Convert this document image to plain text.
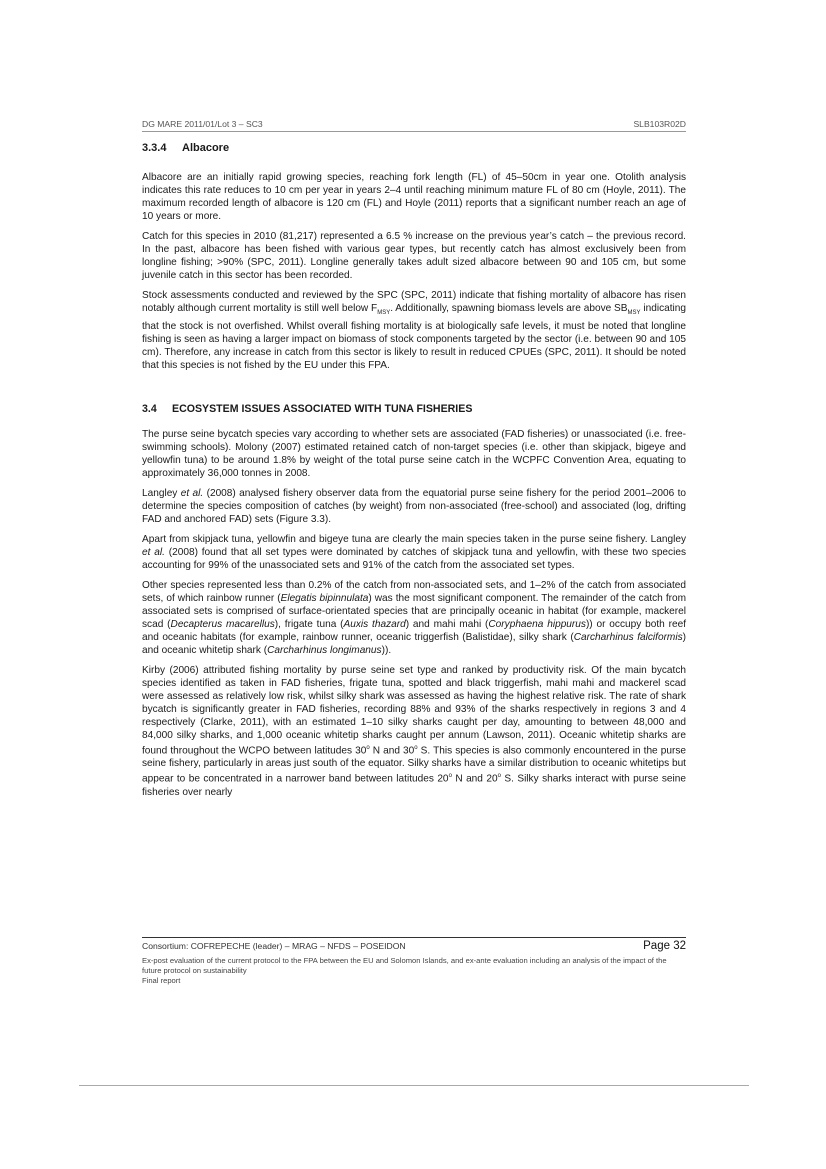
DG MARE 2011/01/Lot 3 – SC3	SLB103R02D
3.3.4 Albacore

Albacore are an initially rapid growing species, reaching fork length (FL) of 45–50cm in year one. Otolith analysis indicates this rate reduces to 10 cm per year in years 2–4 until reaching minimum mature FL of 80 cm (Hoyle, 2011). The maximum recorded length of albacore is 120 cm (FL) and Hoyle (2011) reports that a significant number reach an age of 10 years or more.

Catch for this species in 2010 (81,217) represented a 6.5 % increase on the previous year’s catch – the previous record. In the past, albacore has been fished with various gear types, but recently catch has almost exclusively been from longline fishing; >90% (SPC, 2011). Longline generally takes adult sized albacore between 90 and 105 cm, but some juvenile catch in this sector has been recorded.

Stock assessments conducted and reviewed by the SPC (SPC, 2011) indicate that fishing mortality of albacore has risen notably although current mortality is still well below $F_{MSY}$. Additionally, spawning biomass levels are above $SB_{MSY}$ indicating that the stock is not overfished. Whilst overall fishing mortality is at biologically safe levels, it must be noted that longline fishing is seen as having a larger impact on biomass of stock components targeted by the sector (i.e. between 90 and 105 cm). Therefore, any increase in catch from this sector is likely to result in reduced CPUEs (SPC, 2011). It should be noted that this species is not fished by the EU under this FPA.

3.4 ECOSYSTEM ISSUES ASSOCIATED WITH TUNA FISHERIES

The purse seine bycatch species vary according to whether sets are associated (FAD fisheries) or unassociated (i.e. free-swimming schools). Molony (2007) estimated retained catch of non-target species (i.e. other than skipjack, bigeye and yellowfin tuna) to be around 1.8% by weight of the total purse seine catch in the WCPFC Convention Area, equating to approximately 36,000 tonnes in 2008.

Langley et al. (2008) analysed fishery observer data from the equatorial purse seine fishery for the period 2001–2006 to determine the species composition of catches (by weight) from non-associated (free-school) and associated (log, drifting FAD and anchored FAD) sets (Figure 3.3).

Apart from skipjack tuna, yellowfin and bigeye tuna are clearly the main species taken in the purse seine fishery. Langley et al. (2008) found that all set types were dominated by catches of skipjack tuna and yellowfin, with these two species accounting for 99% of the unassociated sets and 91% of the catch from the associated set types.

Other species represented less than 0.2% of the catch from non-associated sets, and 1–2% of the catch from associated sets, of which rainbow runner (Elegatis bipinnulata) was the most significant component. The remainder of the catch from associated sets is comprised of surface-orientated species that are principally oceanic in habitat (for example, mackerel scad (Decapterus macarellus), frigate tuna (Auxis thazard) and mahi mahi (Coryphaena hippurus)) or occupy both reef and oceanic habitats (for example, rainbow runner, oceanic triggerfish (Balistidae), silky shark (Carcharhinus falciformis) and oceanic whitetip shark (Carcharhinus longimanus)).

Kirby (2006) attributed fishing mortality by purse seine set type and ranked by productivity risk. Of the main bycatch species identified as taken in FAD fisheries, frigate tuna, spotted and black triggerfish, mahi mahi and mackerel scad were assessed as relatively low risk, whilst silky shark was assessed as having the highest relative risk. The rate of shark bycatch is significantly greater in FAD fisheries, recording 88% and 93% of the sharks respectively in regions 3 and 4 respectively (Clarke, 2011), with an estimated 1–10 silky sharks caught per day, amounting to between 48,000 and 84,000 silky sharks, and 1,000 oceanic whitetip sharks caught per annum (Lawson, 2011). Oceanic whitetip sharks are found throughout the WCPO between latitudes 30$^o$ N and 30$^o$ S. This species is also commonly encountered in the purse seine fishery, particularly in areas just south of the equator. Silky sharks have a similar distribution to oceanic whitetips but appear to be concentrated in a narrower band between latitudes 20$^o$ N and 20$^o$ S. Silky sharks interact with purse seine fisheries over nearly

Consortium: COFREPECHE (leader) – MRAG – NFDS – POSEIDON	Page 32
Ex-post evaluation of the current protocol to the FPA between the EU and Solomon Islands, and ex-ante evaluation including an analysis of the impact of the future protocol on sustainability
Final report
